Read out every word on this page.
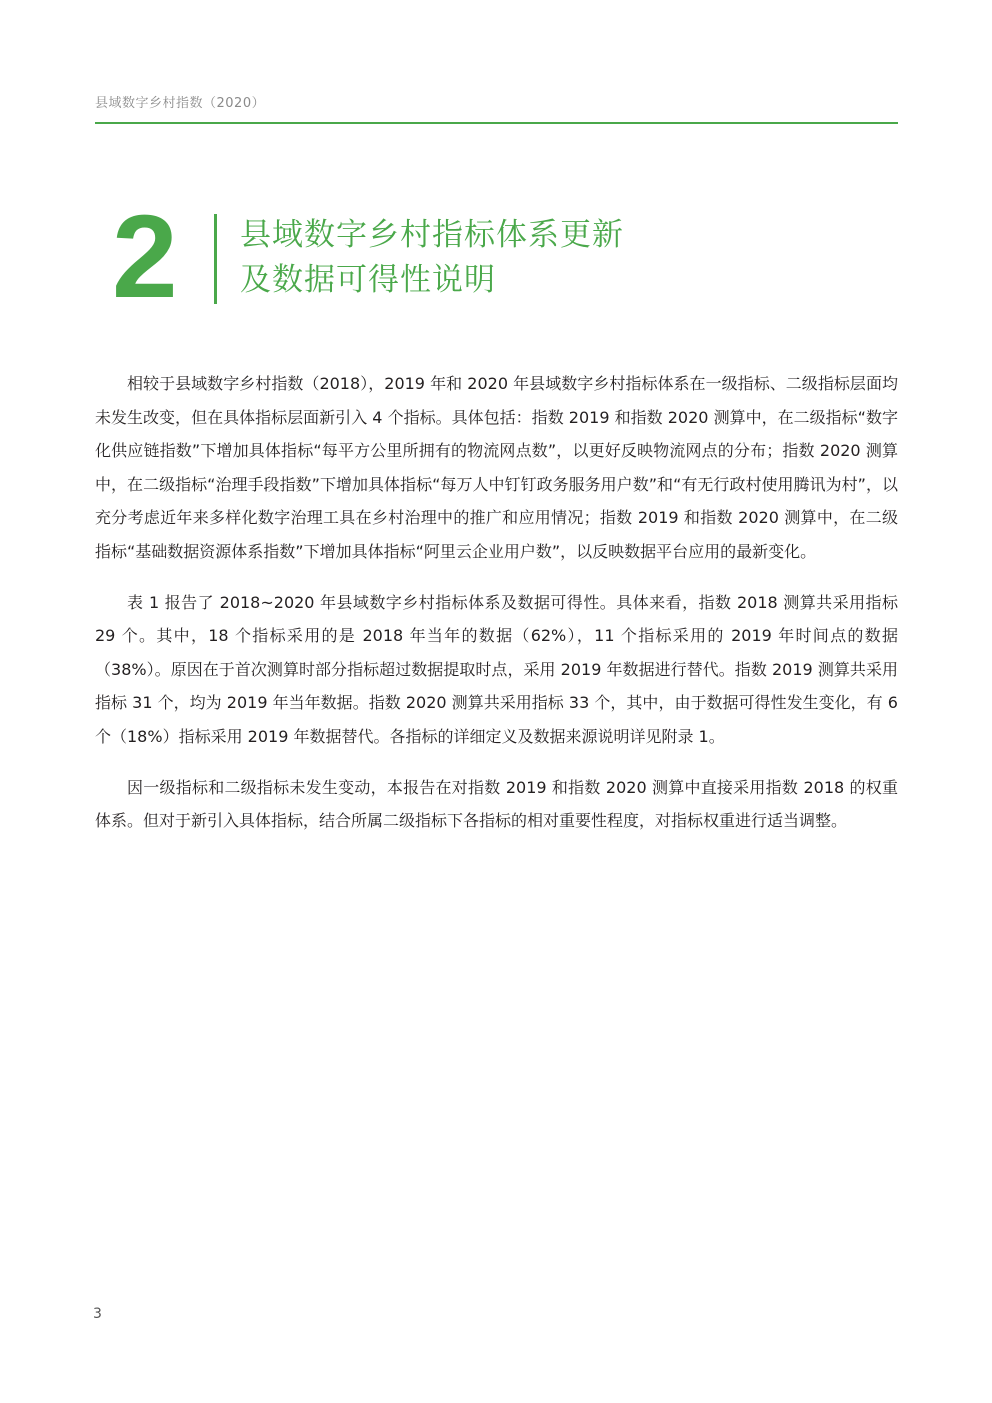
县域数字乡村指数（2020）
2 县域数字乡村指标体系更新
及数据可得性说明

相较于县域数字乡村指数（2018），2019 年和 2020 年县域数字乡村指标体系在一级指标、二级指标层面均未发生改变，但在具体指标层面新引入 4 个指标。具体包括：指数 2019 和指数 2020 测算中，在二级指标“数字化供应链指数”下增加具体指标“每平方公里所拥有的物流网点数”，以更好反映物流网点的分布；指数 2020 测算中，在二级指标“治理手段指数”下增加具体指标“每万人中钉钉政务服务用户数”和“有无行政村使用腾讯为村”，以充分考虑近年来多样化数字治理工具在乡村治理中的推广和应用情况；指数 2019 和指数 2020 测算中，在二级指标“基础数据资源体系指数”下增加具体指标“阿里云企业用户数”，以反映数据平台应用的最新变化。

表 1 报告了 2018~2020 年县域数字乡村指标体系及数据可得性。具体来看，指数 2018 测算共采用指标 29 个。其中，18 个指标采用的是 2018 年当年的数据（62%），11 个指标采用的 2019 年时间点的数据（38%）。原因在于首次测算时部分指标超过数据提取时点，采用 2019 年数据进行替代。指数 2019 测算共采用指标 31 个，均为 2019 年当年数据。指数 2020 测算共采用指标 33 个，其中，由于数据可得性发生变化，有 6 个（18%）指标采用 2019 年数据替代。各指标的详细定义及数据来源说明详见附录 1。

因一级指标和二级指标未发生变动，本报告在对指数 2019 和指数 2020 测算中直接采用指数 2018 的权重体系。但对于新引入具体指标，结合所属二级指标下各指标的相对重要性程度，对指标权重进行适当调整。

3
